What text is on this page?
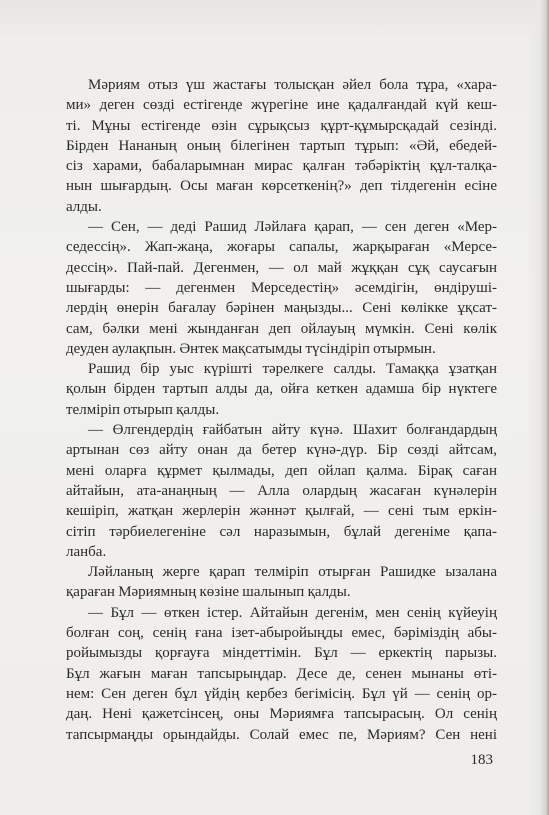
Мәриям отыз үш жастағы толысқан әйел бола тұра, «хара-
ми» деген сөзді естігенде жүрегіне ине қадалғандай күй кеш-
ті. Мұны естігенде өзін сұрықсыз құрт-құмырсқадай сезінді.
Бірден Нананың оның білегінен тартып тұрып: «Әй, ебедей-
сіз харами, бабаларымнан мирас қалған тәбәріктің құл-талқа-
нын шығардың. Осы маған көрсеткенің?» деп тілдегенін есіне
алды.
— Сен, — деді Рашид Ләйлаға қарап, — сен деген «Мер-
седессің». Жап-жаңа, жоғары сапалы, жарқыраған «Мерсе-
дессің». Пай-пай. Дегенмен, — ол май жұққан сұқ саусағын
шығарды: — дегенмен Мерседестің» әсемдігін, өндіруші-
лердің өнерін бағалау бәрінен маңызды... Сені көлікке ұқсат-
сам, бәлки мені жынданған деп ойлауың мүмкін. Сені көлік
деуден аулақпын. Әнтек мақсатымды түсіндіріп отырмын.
Рашид бір уыс күрішті тәрелкеге салды. Тамаққа ұзатқан
қолын бірден тартып алды да, ойға кеткен адамша бір нүктеге
телміріп отырып қалды.
— Өлгендердің ғайбатын айту күнә. Шахит болғандардың
артынан сөз айту онан да бетер күнә-дүр. Бір сөзді айтсам,
мені оларға құрмет қылмады, деп ойлап қалма. Бірақ саған
айтайын, ата-анаңның — Алла олардың жасаған күнәлерін
кешіріп, жатқан жерлерін жәннәт қылғай, — сені тым еркін-
сітіп тәрбиелегеніне сәл наразымын, бұлай дегеніме қапа-
ланба.
Ләйланың жерге қарап телміріп отырған Рашидке ызалана
қараған Мәриямның көзіне шалынып қалды.
— Бұл — өткен істер. Айтайын дегенім, мен сенің күйеуің
болған соң, сенің ғана ізет-абыройыңды емес, бәріміздің абы-
ройымызды қорғауға міндеттімін. Бұл — еркектің парызы.
Бұл жағын маған тапсырыңдар. Десе де, сенен мынаны өті-
нем: Сен деген бұл үйдің кербез бегімісің. Бұл үй — сенің ор-
даң. Нені қажетсінсең, оны Мәриямға тапсырасың. Ол сенің
тапсырмаңды орындайды. Солай емес пе, Мәриям? Сен нені
183
